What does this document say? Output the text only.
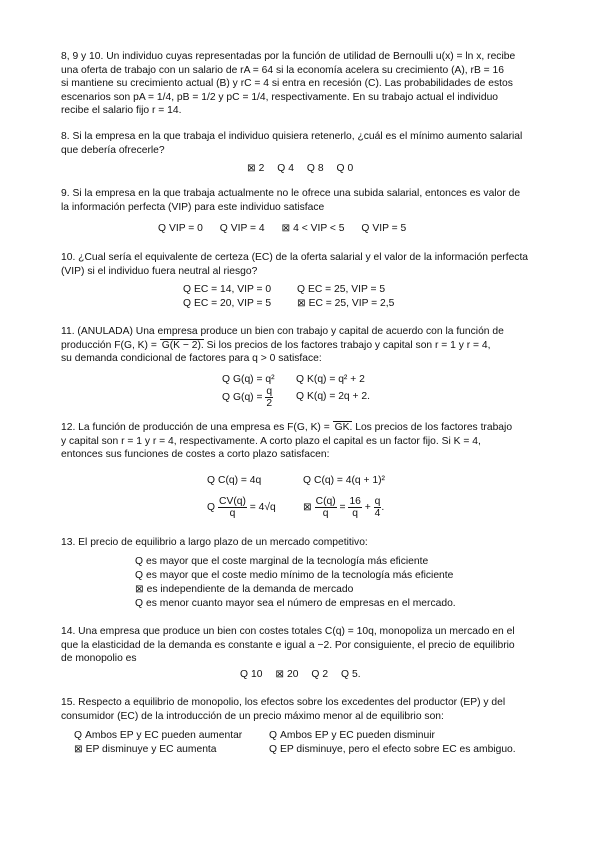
8, 9 y 10. Un individuo cuyas representadas por la función de utilidad de Bernoulli u(x) = ln x, recibe

una oferta de trabajo con un salario de rA = 64 si la economía acelera su crecimiento (A), rB = 16

si mantiene su crecimiento actual (B) y rC = 4 si entra en recesión (C). Las probabilidades de estos

escenarios son pA = 1/4, pB = 1/2 y pC = 1/4, respectivamente. En su trabajo actual el individuo

recibe el salario fijo r = 14.

8. Si la empresa en la que trabaja el individuo quisiera retenerlo, ¿cuál es el mínimo aumento salarial

que debería ofrecerle?

⊠ 2 Q 4 Q 8 Q 0

9. Si la empresa en la que trabaja actualmente no le ofrece una subida salarial, entonces es valor de

la información perfecta (VIP) para este individuo satisface

Q VIP = 0 Q VIP = 4 ⊠ 4 < VIP < 5 Q VIP = 5

10. ¿Cual sería el equivalente de certeza (EC) de la oferta salarial y el valor de la información perfecta

(VIP) si el individuo fuera neutral al riesgo?

Q EC = 14, VIP = 0	Q EC = 25, VIP = 5
Q EC = 20, VIP = 5	⊠ EC = 25, VIP = 2,5

11. (ANULADA) Una empresa produce un bien con trabajo y capital de acuerdo con la función de

producción F(G, K) = G(K − 2). Si los precios de los factores trabajo y capital son r = 1 y r = 4,

su demanda condicional de factores para q > 0 satisface:

Q G(q) = q² Q K(q) = q² + 2
Q $G(q) = \frac{q}{2}$ Q K(q) = 2q + 2.

12. La función de producción de una empresa es F(G, K) = GK. Los precios de los factores trabajo

y capital son r = 1 y r = 4, respectivamente. A corto plazo el capital es un factor fijo. Si K = 4,

entonces sus funciones de costes a corto plazo satisfacen:

Q C(q) = 4q	Q C(q) = 4(q + 1)²
Q $\frac{CV(q)}{q} = 4√q$	⊠ $\frac{C(q)}{q} = \frac{16}{q} + \frac{q}{4}$ .

13. El precio de equilibrio a largo plazo de un mercado competitivo:

Q es mayor que el coste marginal de la tecnología más eficiente
Q es mayor que el coste medio mínimo de la tecnología más eficiente
⊠ es independiente de la demanda de mercado
Q es menor cuanto mayor sea el número de empresas en el mercado.

14. Una empresa que produce un bien con costes totales C(q) = 10q, monopoliza un mercado en el

que la elasticidad de la demanda es constante e igual a −2. Por consiguiente, el precio de equilibrio

de monopolio es

Q 10 ⊠ 20 Q 2 Q 5.

15. Respecto a equilibrio de monopolio, los efectos sobre los excedentes del productor (EP) y del

consumidor (EC) de la introducción de un precio máximo menor al de equilibrio son:

Q Ambos EP y EC pueden aumentar	Q Ambos EP y EC pueden disminuir
⊠ EP disminuye y EC aumenta	Q EP disminuye, pero el efecto sobre EC es ambiguo.
